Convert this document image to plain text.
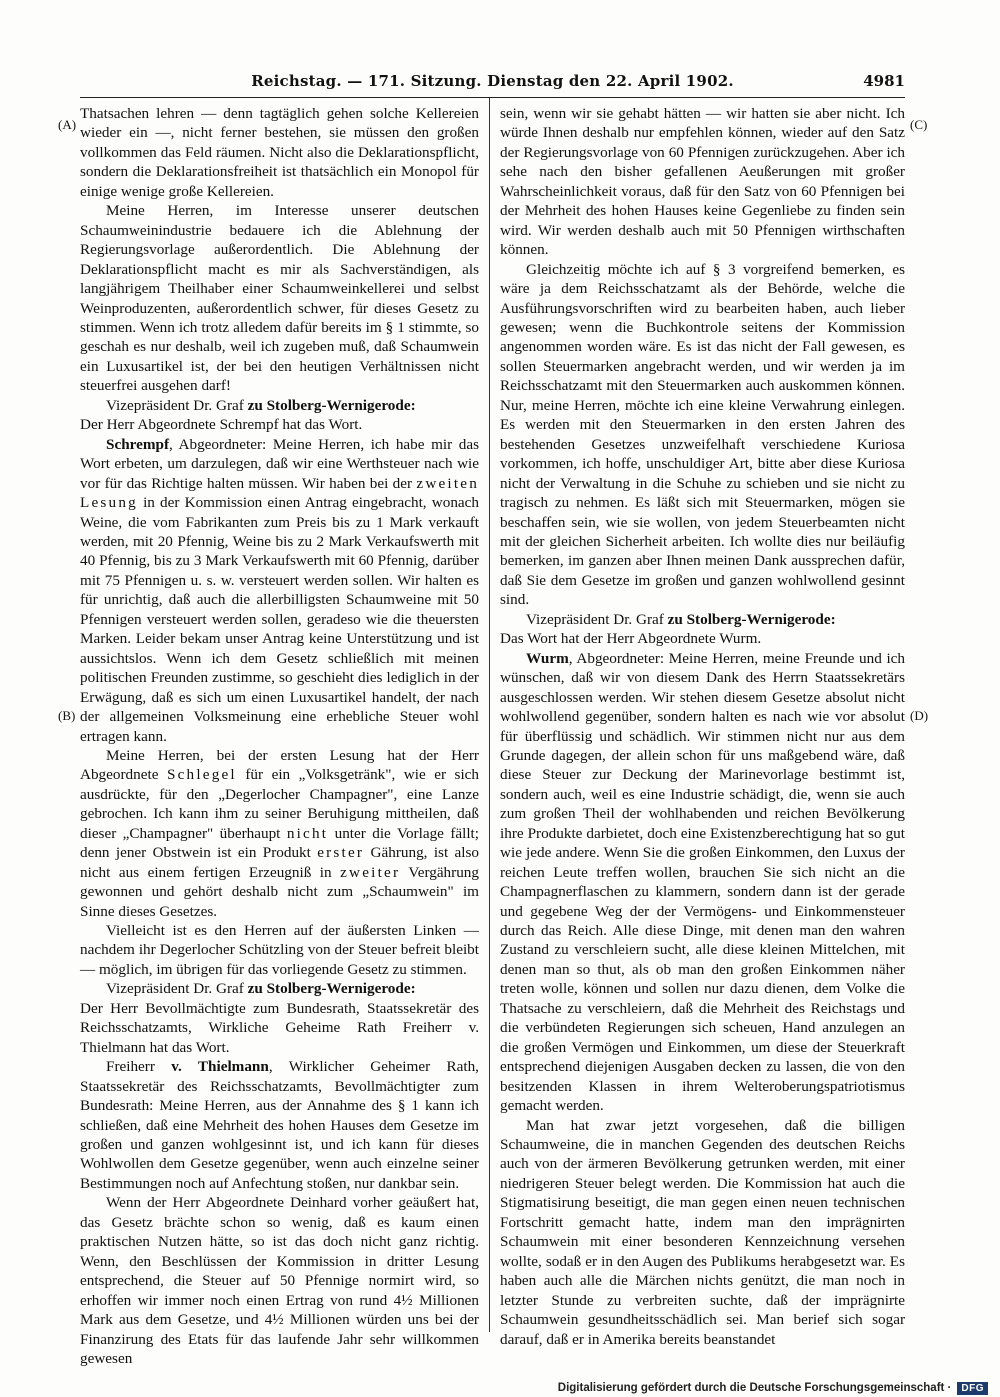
Reichstag. — 171. Sitzung. Dienstag den 22. April 1902.	4981
(A)
(B)
(C)
(D)

Thatsachen lehren — denn tagtäglich gehen solche Kellereien wieder ein —, nicht ferner bestehen, sie müssen den großen vollkommen das Feld räumen. Nicht also die Deklarationspflicht, sondern die Deklarationsfreiheit ist thatsächlich ein Monopol für einige wenige große Kellereien.

Meine Herren, im Interesse unserer deutschen Schaumweinindustrie bedauere ich die Ablehnung der Regierungsvorlage außerordentlich. Die Ablehnung der Deklarationspflicht macht es mir als Sachverständigen, als langjährigem Theilhaber einer Schaumweinkellerei und selbst Weinproduzenten, außerordentlich schwer, für dieses Gesetz zu stimmen. Wenn ich trotz alledem dafür bereits im § 1 stimmte, so geschah es nur deshalb, weil ich zugeben muß, daß Schaumwein ein Luxusartikel ist, der bei den heutigen Verhältnissen nicht steuerfrei ausgehen darf!

Vizepräsident Dr. Graf zu Stolberg-Wernigerode:

Der Herr Abgeordnete Schrempf hat das Wort.

Schrempf, Abgeordneter: Meine Herren, ich habe mir das Wort erbeten, um darzulegen, daß wir eine Werthsteuer nach wie vor für das Richtige halten müssen. Wir haben bei der zweiten Lesung in der Kommission einen Antrag eingebracht, wonach Weine, die vom Fabrikanten zum Preis bis zu 1 Mark verkauft werden, mit 20 Pfennig, Weine bis zu 2 Mark Verkaufswerth mit 40 Pfennig, bis zu 3 Mark Verkaufswerth mit 60 Pfennig, darüber mit 75 Pfennigen u. s. w. versteuert werden sollen. Wir halten es für unrichtig, daß auch die allerbilligsten Schaumweine mit 50 Pfennigen versteuert werden sollen, geradeso wie die theuersten Marken. Leider bekam unser Antrag keine Unterstützung und ist aussichtslos. Wenn ich dem Gesetz schließlich mit meinen politischen Freunden zustimme, so geschieht dies lediglich in der Erwägung, daß es sich um einen Luxusartikel handelt, der nach der allgemeinen Volksmeinung eine erhebliche Steuer wohl ertragen kann.

Meine Herren, bei der ersten Lesung hat der Herr Abgeordnete Schlegel für ein „Volksgetränk", wie er sich ausdrückte, für den „Degerlocher Champagner", eine Lanze gebrochen. Ich kann ihm zu seiner Beruhigung mittheilen, daß dieser „Champagner" überhaupt nicht unter die Vorlage fällt; denn jener Obstwein ist ein Produkt erster Gährung, ist also nicht aus einem fertigen Erzeugniß in zweiter Vergährung gewonnen und gehört deshalb nicht zum „Schaumwein" im Sinne dieses Gesetzes.

Vielleicht ist es den Herren auf der äußersten Linken — nachdem ihr Degerlocher Schützling von der Steuer befreit bleibt — möglich, im übrigen für das vorliegende Gesetz zu stimmen.

Vizepräsident Dr. Graf zu Stolberg-Wernigerode:

Der Herr Bevollmächtigte zum Bundesrath, Staatssekretär des Reichsschatzamts, Wirkliche Geheime Rath Freiherr v. Thielmann hat das Wort.

Freiherr v. Thielmann, Wirklicher Geheimer Rath, Staatssekretär des Reichsschatzamts, Bevollmächtigter zum Bundesrath: Meine Herren, aus der Annahme des § 1 kann ich schließen, daß eine Mehrheit des hohen Hauses dem Gesetze im großen und ganzen wohlgesinnt ist, und ich kann für dieses Wohlwollen dem Gesetze gegenüber, wenn auch einzelne seiner Bestimmungen noch auf Anfechtung stoßen, nur dankbar sein.

Wenn der Herr Abgeordnete Deinhard vorher geäußert hat, das Gesetz brächte schon so wenig, daß es kaum einen praktischen Nutzen hätte, so ist das doch nicht ganz richtig. Wenn, den Beschlüssen der Kommission in dritter Lesung entsprechend, die Steuer auf 50 Pfennige normirt wird, so erhoffen wir immer noch einen Ertrag von rund 4½ Millionen Mark aus dem Gesetze, und 4½ Millionen würden uns bei der Finanzirung des Etats für das laufende Jahr sehr willkommen gewesen

sein, wenn wir sie gehabt hätten — wir hatten sie aber nicht. Ich würde Ihnen deshalb nur empfehlen können, wieder auf den Satz der Regierungsvorlage von 60 Pfennigen zurückzugehen. Aber ich sehe nach den bisher gefallenen Aeußerungen mit großer Wahrscheinlichkeit voraus, daß für den Satz von 60 Pfennigen bei der Mehrheit des hohen Hauses keine Gegenliebe zu finden sein wird. Wir werden deshalb auch mit 50 Pfennigen wirthschaften können.

Gleichzeitig möchte ich auf § 3 vorgreifend bemerken, es wäre ja dem Reichsschatzamt als der Behörde, welche die Ausführungsvorschriften wird zu bearbeiten haben, auch lieber gewesen; wenn die Buchkontrole seitens der Kommission angenommen worden wäre. Es ist das nicht der Fall gewesen, es sollen Steuermarken angebracht werden, und wir werden ja im Reichsschatzamt mit den Steuermarken auch auskommen können. Nur, meine Herren, möchte ich eine kleine Verwahrung einlegen. Es werden mit den Steuermarken in den ersten Jahren des bestehenden Gesetzes unzweifelhaft verschiedene Kuriosa vorkommen, ich hoffe, unschuldiger Art, bitte aber diese Kuriosa nicht der Verwaltung in die Schuhe zu schieben und sie nicht zu tragisch zu nehmen. Es läßt sich mit Steuermarken, mögen sie beschaffen sein, wie sie wollen, von jedem Steuerbeamten nicht mit der gleichen Sicherheit arbeiten. Ich wollte dies nur beiläufig bemerken, im ganzen aber Ihnen meinen Dank aussprechen dafür, daß Sie dem Gesetze im großen und ganzen wohlwollend gesinnt sind.

Vizepräsident Dr. Graf zu Stolberg-Wernigerode:

Das Wort hat der Herr Abgeordnete Wurm.

Wurm, Abgeordneter: Meine Herren, meine Freunde und ich wünschen, daß wir von diesem Dank des Herrn Staatssekretärs ausgeschlossen werden. Wir stehen diesem Gesetze absolut nicht wohlwollend gegenüber, sondern halten es nach wie vor absolut für überflüssig und schädlich. Wir stimmen nicht nur aus dem Grunde dagegen, der allein schon für uns maßgebend wäre, daß diese Steuer zur Deckung der Marinevorlage bestimmt ist, sondern auch, weil es eine Industrie schädigt, die, wenn sie auch zum großen Theil der wohlhabenden und reichen Bevölkerung ihre Produkte darbietet, doch eine Existenzberechtigung hat so gut wie jede andere. Wenn Sie die großen Einkommen, den Luxus der reichen Leute treffen wollen, brauchen Sie sich nicht an die Champagnerflaschen zu klammern, sondern dann ist der gerade und gegebene Weg der der Vermögens- und Einkommensteuer durch das Reich. Alle diese Dinge, mit denen man den wahren Zustand zu verschleiern sucht, alle diese kleinen Mittelchen, mit denen man so thut, als ob man den großen Einkommen näher treten wolle, können und sollen nur dazu dienen, dem Volke die Thatsache zu verschleiern, daß die Mehrheit des Reichstags und die verbündeten Regierungen sich scheuen, Hand anzulegen an die großen Vermögen und Einkommen, um diese der Steuerkraft entsprechend diejenigen Ausgaben decken zu lassen, die von den besitzenden Klassen in ihrem Welteroberungspatriotismus gemacht werden.

Man hat zwar jetzt vorgesehen, daß die billigen Schaumweine, die in manchen Gegenden des deutschen Reichs auch von der ärmeren Bevölkerung getrunken werden, mit einer niedrigeren Steuer belegt werden. Die Kommission hat auch die Stigmatisirung beseitigt, die man gegen einen neuen technischen Fortschritt gemacht hatte, indem man den imprägnirten Schaumwein mit einer besonderen Kennzeichnung versehen wollte, sodaß er in den Augen des Publikums herabgesetzt war. Es haben auch alle die Märchen nichts genützt, die man noch in letzter Stunde zu verbreiten suchte, daß der imprägnirte Schaumwein gesundheitsschädlich sei. Man berief sich sogar darauf, daß er in Amerika bereits beanstandet

Digitalisierung gefördert durch die Deutsche Forschungsgemeinschaft ·	DFG
